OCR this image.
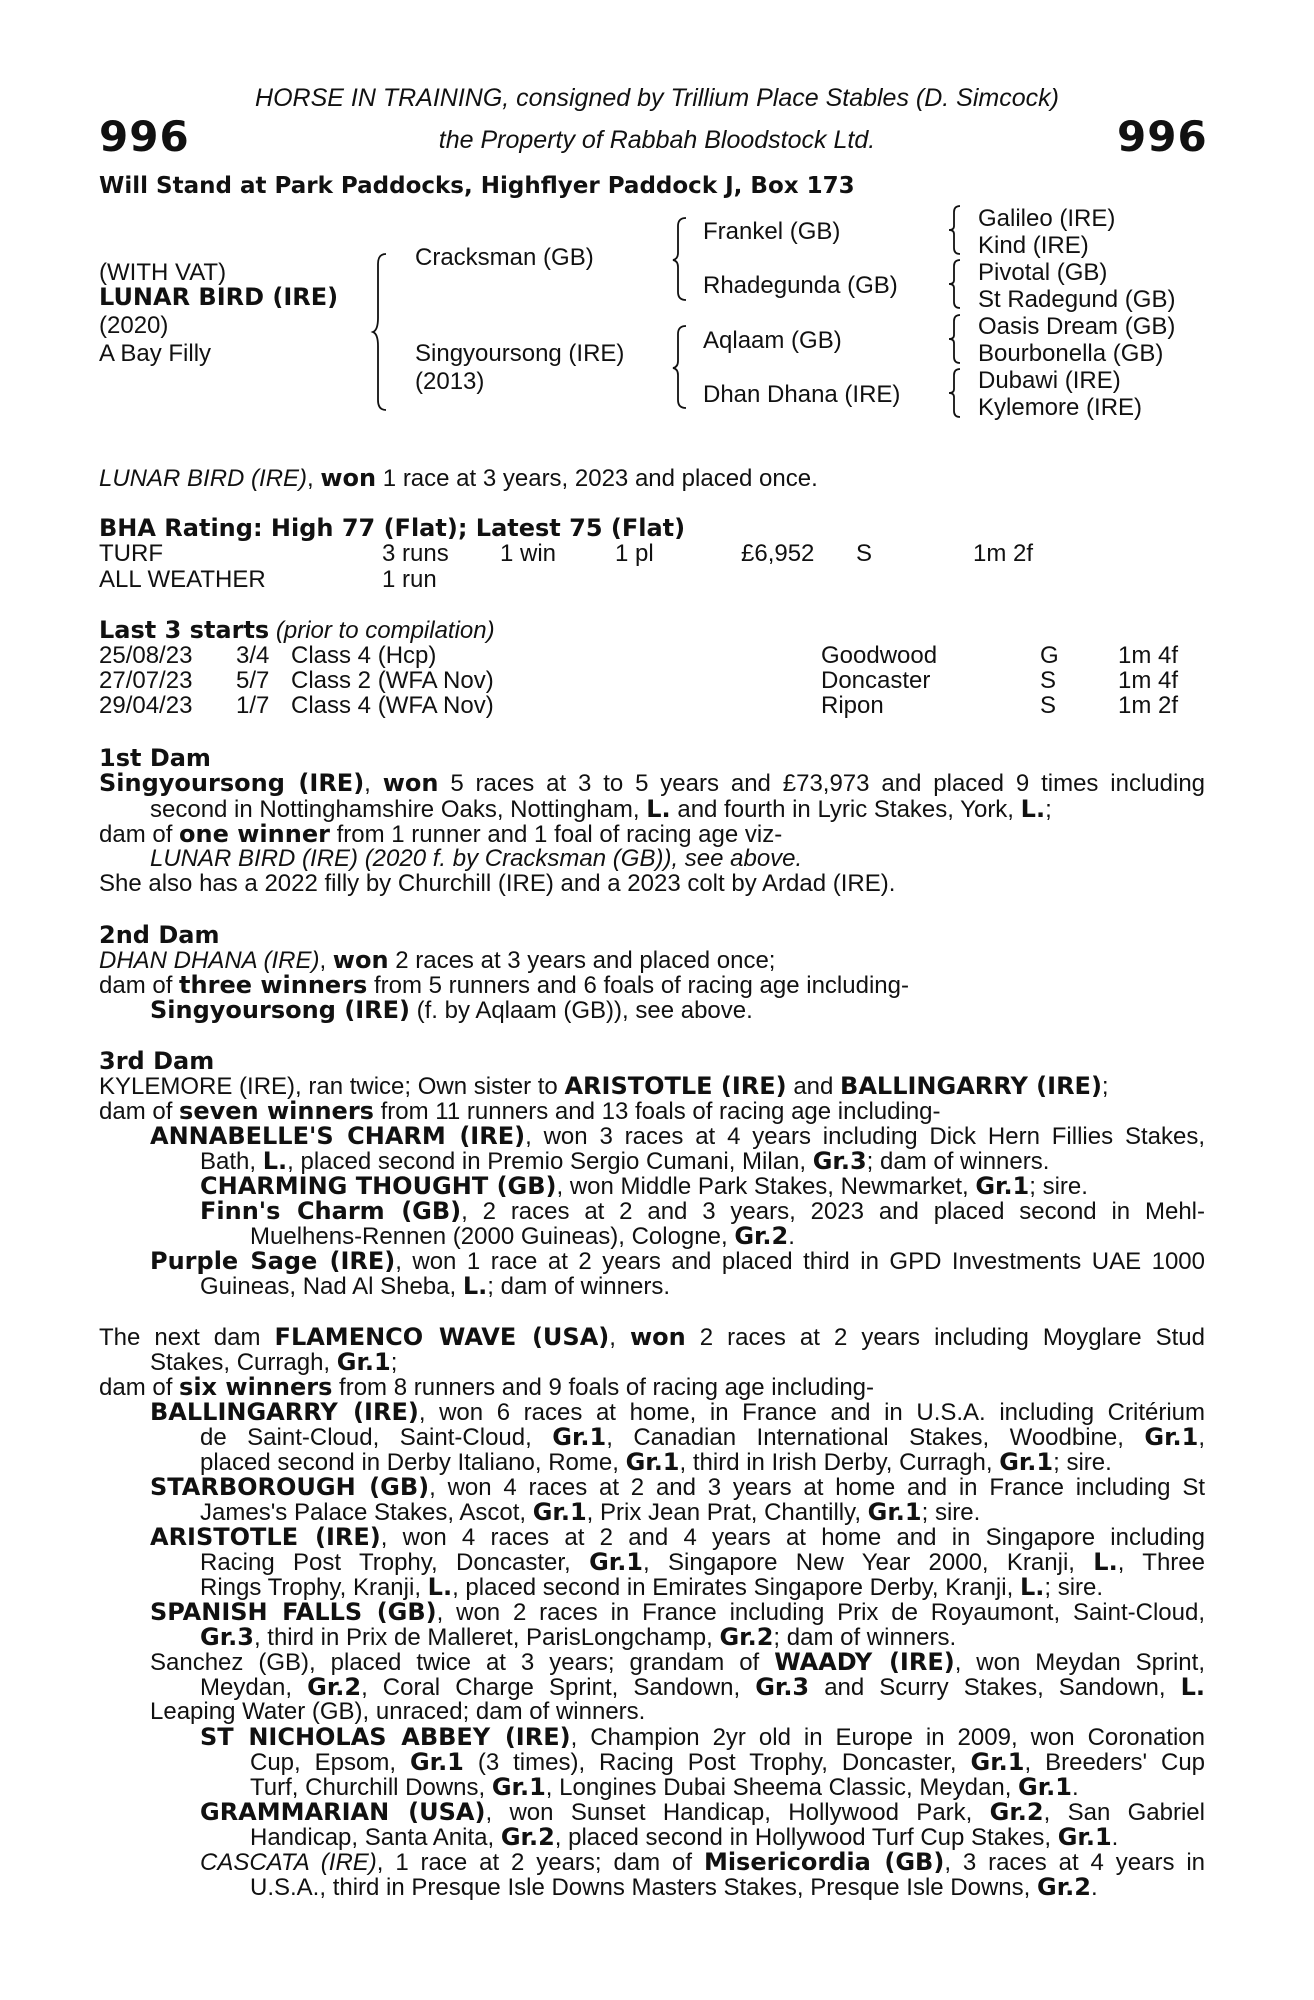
HORSE IN TRAINING, consigned by Trillium Place Stables (D. Simcock)
the Property of Rabbah Bloodstock Ltd.
996	996
Will Stand at Park Paddocks, Highflyer Paddock J, Box 173
(WITH VAT)
LUNAR BIRD (IRE)
(2020)
A Bay Filly
Cracksman (GB)
Singyoursong (IRE)
(2013)
Frankel (GB)
Rhadegunda (GB)
Aqlaam (GB)
Dhan Dhana (IRE)
Galileo (IRE)
Kind (IRE)
Pivotal (GB)
St Radegund (GB)
Oasis Dream (GB)
Bourbonella (GB)
Dubawi (IRE)
Kylemore (IRE)
LUNAR BIRD (IRE), won 1 race at 3 years, 2023 and placed once.
BHA Rating: High 77 (Flat); Latest 75 (Flat)
TURF	3 runs 1 win 1 pl	£6,952 S	1m 2f
ALL WEATHER	1 run
Last 3 starts (prior to compilation)
25/08/23 3/4 Class 4 (Hcp)	Goodwood	G 1m 4f
27/07/23 5/7 Class 2 (WFA Nov)	Doncaster	S	1m 4f
29/04/23 1/7 Class 4 (WFA Nov)	Ripon	S	1m 2f
1st Dam
Singyoursong (IRE), won 5 races at 3 to 5 years and £73,973 and placed 9 times including
second in Nottinghamshire Oaks, Nottingham, L. and fourth in Lyric Stakes, York, L.;
dam of one winner from 1 runner and 1 foal of racing age viz-
LUNAR BIRD (IRE) (2020 f. by Cracksman (GB)), see above.
She also has a 2022 filly by Churchill (IRE) and a 2023 colt by Ardad (IRE).
2nd Dam
DHAN DHANA (IRE), won 2 races at 3 years and placed once;
dam of three winners from 5 runners and 6 foals of racing age including-
Singyoursong (IRE) (f. by Aqlaam (GB)), see above.
3rd Dam
KYLEMORE (IRE), ran twice; Own sister to ARISTOTLE (IRE) and BALLINGARRY (IRE);
dam of seven winners from 11 runners and 13 foals of racing age including-
ANNABELLE'S CHARM (IRE), won 3 races at 4 years including Dick Hern Fillies Stakes,
Bath, L., placed second in Premio Sergio Cumani, Milan, Gr.3; dam of winners.
CHARMING THOUGHT (GB), won Middle Park Stakes, Newmarket, Gr.1; sire.
Finn's Charm (GB), 2 races at 2 and 3 years, 2023 and placed second in Mehl-
Muelhens-Rennen (2000 Guineas), Cologne, Gr.2.
Purple Sage (IRE), won 1 race at 2 years and placed third in GPD Investments UAE 1000
Guineas, Nad Al Sheba, L.; dam of winners.
The next dam FLAMENCO WAVE (USA), won 2 races at 2 years including Moyglare Stud
Stakes, Curragh, Gr.1;
dam of six winners from 8 runners and 9 foals of racing age including-
BALLINGARRY (IRE), won 6 races at home, in France and in U.S.A. including Critérium
de Saint-Cloud, Saint-Cloud, Gr.1, Canadian International Stakes, Woodbine, Gr.1,
placed second in Derby Italiano, Rome, Gr.1, third in Irish Derby, Curragh, Gr.1; sire.
STARBOROUGH (GB), won 4 races at 2 and 3 years at home and in France including St
James's Palace Stakes, Ascot, Gr.1, Prix Jean Prat, Chantilly, Gr.1; sire.
ARISTOTLE (IRE), won 4 races at 2 and 4 years at home and in Singapore including
Racing Post Trophy, Doncaster, Gr.1, Singapore New Year 2000, Kranji, L., Three
Rings Trophy, Kranji, L., placed second in Emirates Singapore Derby, Kranji, L.; sire.
SPANISH FALLS (GB), won 2 races in France including Prix de Royaumont, Saint-Cloud,
Gr.3, third in Prix de Malleret, ParisLongchamp, Gr.2; dam of winners.
Sanchez (GB), placed twice at 3 years; grandam of WAADY (IRE), won Meydan Sprint,
Meydan, Gr.2, Coral Charge Sprint, Sandown, Gr.3 and Scurry Stakes, Sandown, L.
Leaping Water (GB), unraced; dam of winners.
ST NICHOLAS ABBEY (IRE), Champion 2yr old in Europe in 2009, won Coronation
Cup, Epsom, Gr.1 (3 times), Racing Post Trophy, Doncaster, Gr.1, Breeders' Cup
Turf, Churchill Downs, Gr.1, Longines Dubai Sheema Classic, Meydan, Gr.1.
GRAMMARIAN (USA), won Sunset Handicap, Hollywood Park, Gr.2, San Gabriel
Handicap, Santa Anita, Gr.2, placed second in Hollywood Turf Cup Stakes, Gr.1.
CASCATA (IRE), 1 race at 2 years; dam of Misericordia (GB), 3 races at 4 years in
U.S.A., third in Presque Isle Downs Masters Stakes, Presque Isle Downs, Gr.2.
